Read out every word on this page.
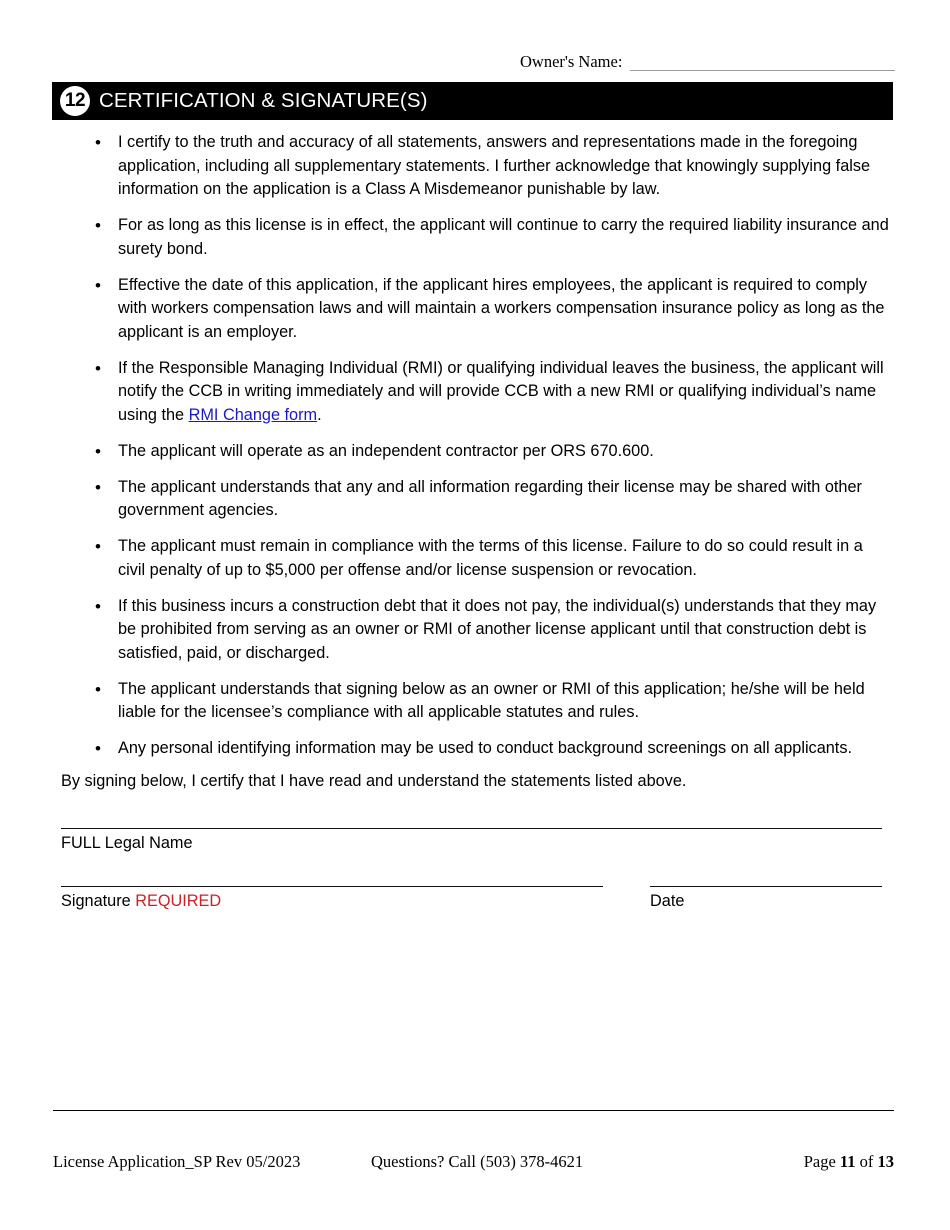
Owner's Name:
12 CERTIFICATION & SIGNATURE(S)
•	I certify to the truth and accuracy of all statements, answers and representations made in the foregoing application, including all supplementary statements. I further acknowledge that knowingly supplying false information on the application is a Class A Misdemeanor punishable by law.
•	For as long as this license is in effect, the applicant will continue to carry the required liability insurance and surety bond.
•	Effective the date of this application, if the applicant hires employees, the applicant is required to comply with workers compensation laws and will maintain a workers compensation insurance policy as long as the applicant is an employer.
•	If the Responsible Managing Individual (RMI) or qualifying individual leaves the business, the applicant will notify the CCB in writing immediately and will provide CCB with a new RMI or qualifying individual’s name using the RMI Change form.
•	The applicant will operate as an independent contractor per ORS 670.600.
•	The applicant understands that any and all information regarding their license may be shared with other government agencies.
•	The applicant must remain in compliance with the terms of this license. Failure to do so could result in a civil penalty of up to $5,000 per offense and/or license suspension or revocation.
•	If this business incurs a construction debt that it does not pay, the individual(s) understands that they may be prohibited from serving as an owner or RMI of another license applicant until that construction debt is satisfied, paid, or discharged.
•	The applicant understands that signing below as an owner or RMI of this application; he/she will be held liable for the licensee’s compliance with all applicable statutes and rules.
•	Any personal identifying information may be used to conduct background screenings on all applicants.
By signing below, I certify that I have read and understand the statements listed above.
FULL Legal Name
Signature REQUIRED	Date
License Application_SP Rev 05/2023	Questions? Call (503) 378-4621	Page 11 of 13
